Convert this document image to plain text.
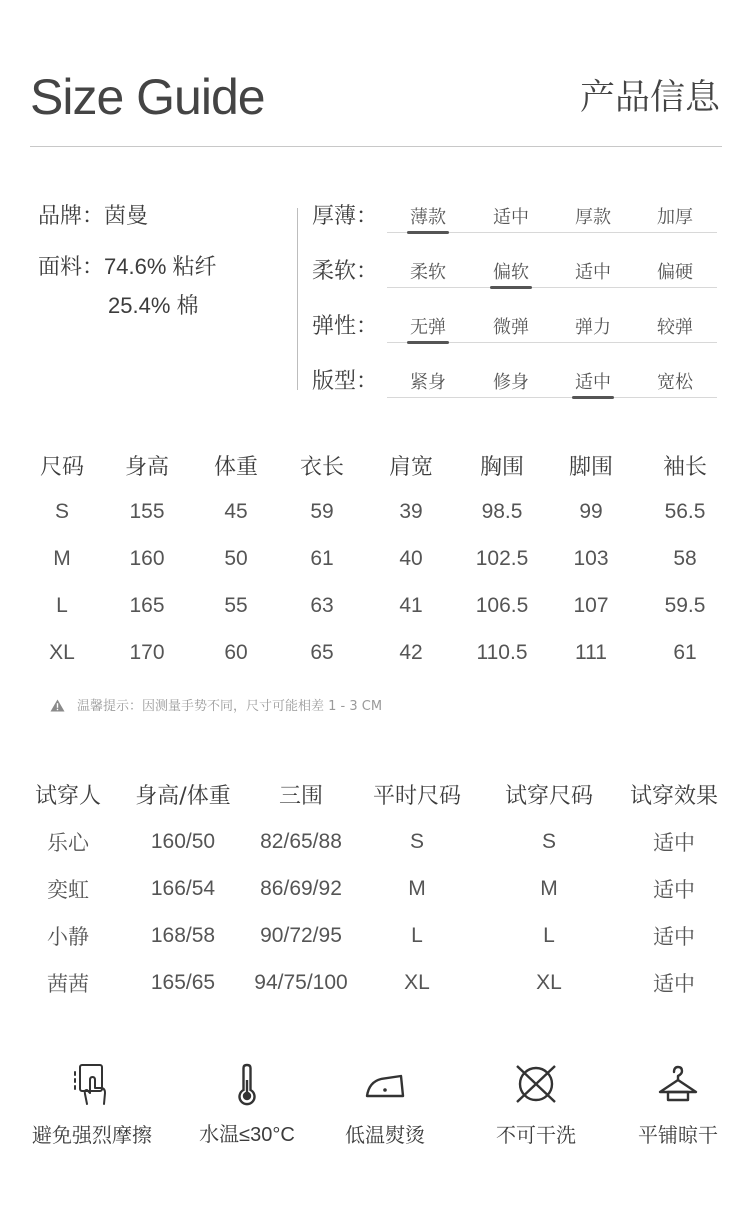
Size Guide	产品信息
品牌：茵曼
面料：74.6% 粘纤
25.4% 棉
厚薄：	薄款	适中	厚款	加厚
柔软：	柔软	偏软	适中	偏硬
弹性：	无弹	微弹	弹力	较弹
版型：	紧身	修身	适中	宽松
尺码	身高	体重	衣长	肩宽	胸围	脚围	袖长
S	155	45	59	39	98.5	99	56.5
M	160	50	61	40	102.5	103	58
L	165	55	63	41	106.5	107	59.5
XL	170	60	65	42	110.5	111	61
温馨提示：因测量手势不同，尺寸可能相差 1 - 3 CM
试穿人	身高/体重	三围	平时尺码	试穿尺码	试穿效果
乐心	160/50	82/65/88	S	S	适中
奕虹	166/54	86/69/92	M	M	适中
小静	168/58	90/72/95	L	L	适中
茜茜	165/65	94/75/100	XL	XL	适中
避免强烈摩擦	水温≤30°C	低温熨烫	不可干洗	平铺晾干
